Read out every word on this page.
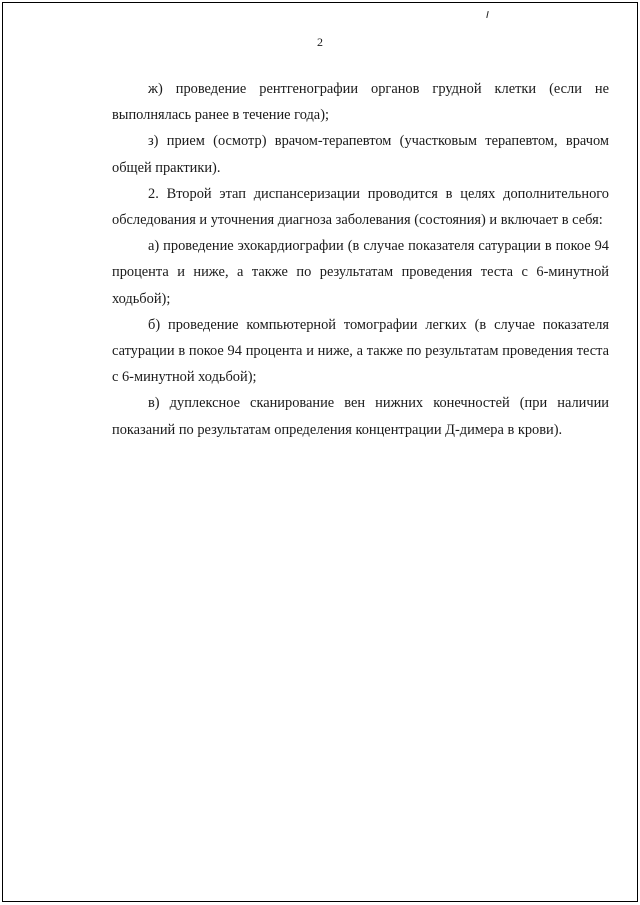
2

ж) проведение рентгенографии органов грудной клетки (если не выполнялась ранее в течение года);

з) прием (осмотр) врачом-терапевтом (участковым терапевтом, врачом общей практики).

2. Второй этап диспансеризации проводится в целях дополнительного обследования и уточнения диагноза заболевания (состояния) и включает в себя:

а) проведение эхокардиографии (в случае показателя сатурации в покое 94 процента и ниже, а также по результатам проведения теста с 6-минутной ходьбой);

б) проведение компьютерной томографии легких (в случае показателя сатурации в покое 94 процента и ниже, а также по результатам проведения теста с 6-минутной ходьбой);

в) дуплексное сканирование вен нижних конечностей (при наличии показаний по результатам определения концентрации Д-димера в крови).
